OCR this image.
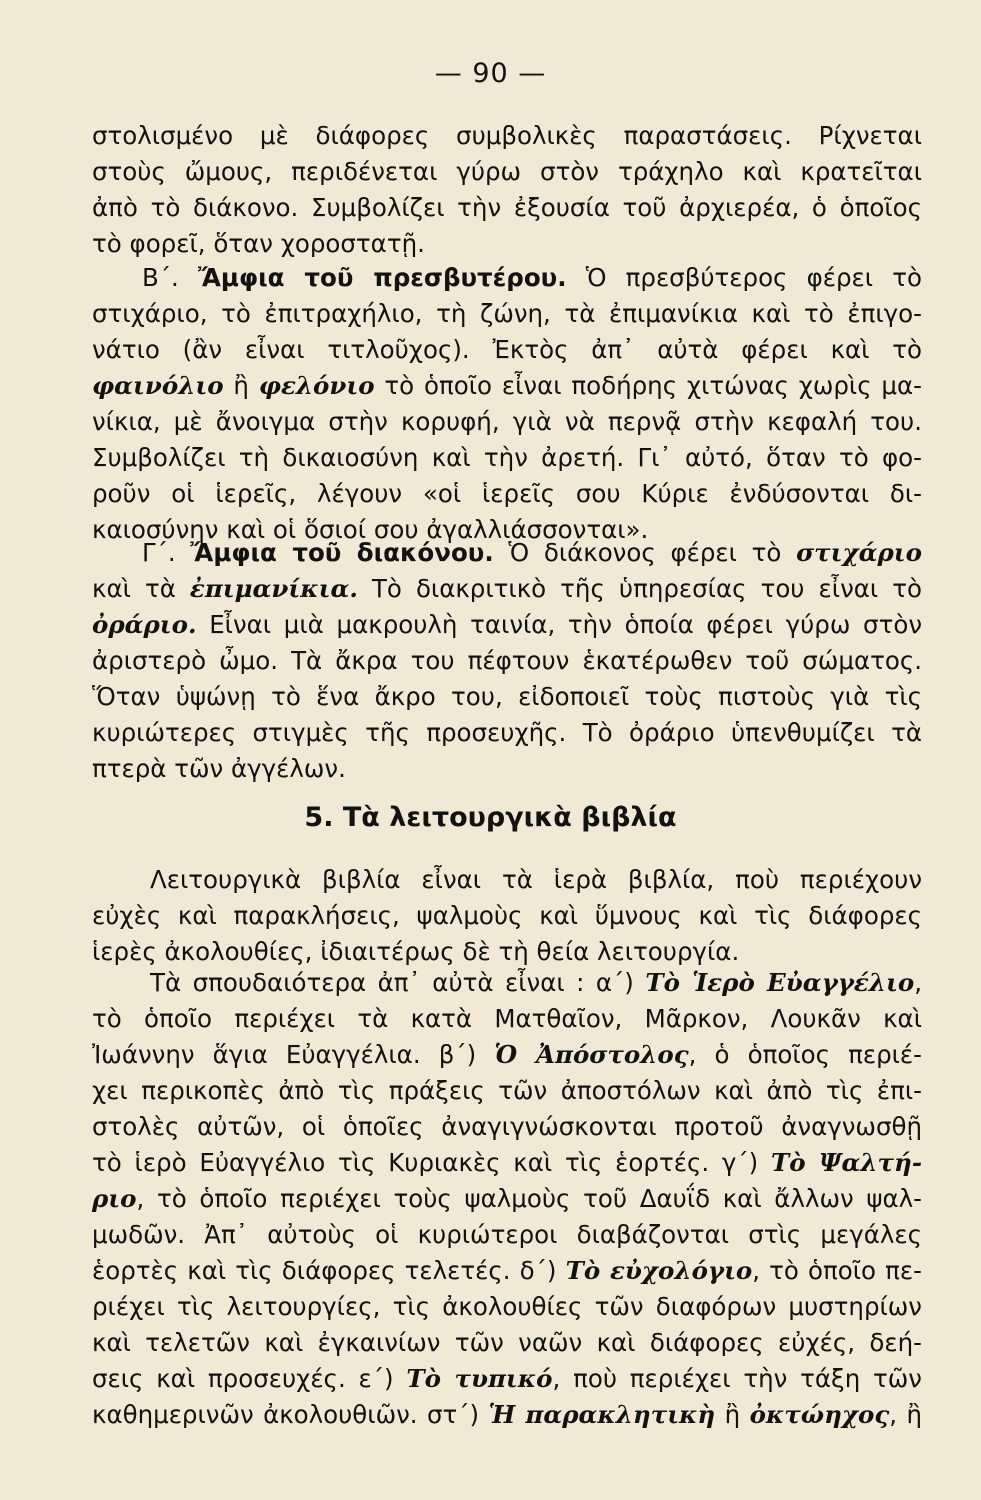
— 90 —
στολισμένο μὲ διάφορες συμβολικὲς παραστάσεις. Ρίχνεται
στοὺς ὤμους, περιδένεται γύρω στὸν τράχηλο καὶ κρατεῖται
ἀπὸ τὸ διάκονο. Συμβολίζει τὴν ἐξουσία τοῦ ἀρχιερέα, ὁ ὁποῖος
τὸ φορεῖ, ὅταν χοροστατῇ.
Β΄. Ἄμφια τοῦ πρεσβυτέρου. Ὁ πρεσβύτερος φέρει τὸ
στιχάριο, τὸ ἐπιτραχήλιο, τὴ ζώνη, τὰ ἐπιμανίκια καὶ τὸ ἐπιγο-
νάτιο (ἂν εἶναι τιτλοῦχος). Ἐκτὸς ἀπ᾽ αὐτὰ φέρει καὶ τὸ
φαινόλιο ἢ φελόνιο τὸ ὁποῖο εἶναι ποδήρης χιτώνας χωρὶς μα-
νίκια, μὲ ἄνοιγμα στὴν κορυφή, γιὰ νὰ περνᾷ στὴν κεφαλή του.
Συμβολίζει τὴ δικαιοσύνη καὶ τὴν ἀρετή. Γι᾽ αὐτό, ὅταν τὸ φο-
ροῦν οἱ ἱερεῖς, λέγουν «οἱ ἱερεῖς σου Κύριε ἐνδύσονται δι-
καιοσύνην καὶ οἱ ὅσιοί σου ἀγαλλιάσσονται».
Γ΄. Ἄμφια τοῦ διακόνου. Ὁ διάκονος φέρει τὸ στιχάριο
καὶ τὰ ἐπιμανίκια. Τὸ διακριτικὸ τῆς ὑπηρεσίας του εἶναι τὸ
ὀράριο. Εἶναι μιὰ μακρουλὴ ταινία, τὴν ὁποία φέρει γύρω στὸν
ἀριστερὸ ὦμο. Τὰ ἄκρα του πέφτουν ἑκατέρωθεν τοῦ σώματος.
Ὅταν ὑψώνῃ τὸ ἕνα ἄκρο του, εἰδοποιεῖ τοὺς πιστοὺς γιὰ τὶς
κυριώτερες στιγμὲς τῆς προσευχῆς. Τὸ ὀράριο ὑπενθυμίζει τὰ
πτερὰ τῶν ἀγγέλων.
5. Τὰ λειτουργικὰ βιβλία
Λειτουργικὰ βιβλία εἶναι τὰ ἱερὰ βιβλία, ποὺ περιέχουν
εὐχὲς καὶ παρακλήσεις, ψαλμοὺς καὶ ὕμνους καὶ τὶς διάφορες
ἱερὲς ἀκολουθίες, ἰδιαιτέρως δὲ τὴ θεία λειτουργία.
Τὰ σπουδαιότερα ἀπ᾽ αὐτὰ εἶναι : α΄) Τὸ Ἱερὸ Εὐαγγέλιο,
τὸ ὁποῖο περιέχει τὰ κατὰ Ματθαῖον, Μᾶρκον, Λουκᾶν καὶ
Ἰωάννην ἅγια Εὐαγγέλια. β΄) Ὁ Ἀπόστολος, ὁ ὁποῖος περιέ-
χει περικοπὲς ἀπὸ τὶς πράξεις τῶν ἀποστόλων καὶ ἀπὸ τὶς ἐπι-
στολὲς αὐτῶν, οἱ ὁποῖες ἀναγιγνώσκονται προτοῦ ἀναγνωσθῇ
τὸ ἱερὸ Εὐαγγέλιο τὶς Κυριακὲς καὶ τὶς ἑορτές. γ΄) Τὸ Ψαλτή-
ριο, τὸ ὁποῖο περιέχει τοὺς ψαλμοὺς τοῦ Δαυΐδ καὶ ἄλλων ψαλ-
μωδῶν. Ἀπ᾽ αὐτοὺς οἱ κυριώτεροι διαβάζονται στὶς μεγάλες
ἑορτὲς καὶ τὶς διάφορες τελετές. δ΄) Τὸ εὐχολόγιο, τὸ ὁποῖο πε-
ριέχει τὶς λειτουργίες, τὶς ἀκολουθίες τῶν διαφόρων μυστηρίων
καὶ τελετῶν καὶ ἐγκαινίων τῶν ναῶν καὶ διάφορες εὐχές, δεή-
σεις καὶ προσευχές. ε΄) Τὸ τυπικό, ποὺ περιέχει τὴν τάξη τῶν
καθημερινῶν ἀκολουθιῶν. στ΄) Ἡ παρακλητικὴ ἢ ὀκτώηχος, ἢ
